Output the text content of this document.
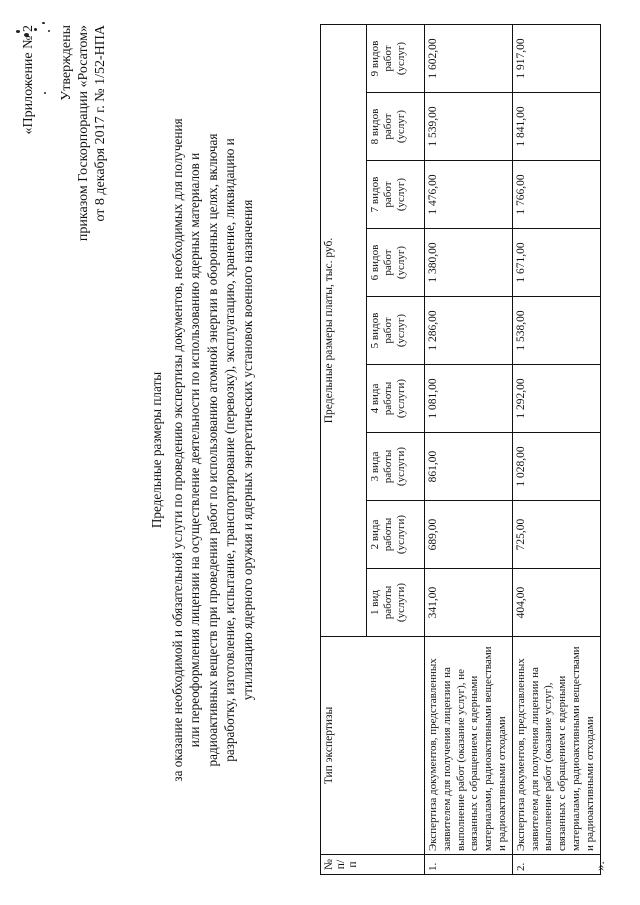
«Приложение № 2 Утверждены приказом Госкорпорации «Росатом» от 8 декабря 2017 г. № 1/52-НПА
Предельные размеры платы за оказание необходимой и обязательной услуги по проведению экспертизы документов, необходимых для получения или переоформления лицензии на осуществление деятельности по использованию ядерных материалов и радиоактивных веществ при проведении работ по использованию атомной энергии в оборонных целях, включая разработку, изготовление, испытание, транспортирование (перевозку), эксплуатацию, хранение, ликвидацию и утилизацию ядерного оружия и ядерных энергетических установок военного назначения
№ п/п	Тип экспертизы	Предельные размеры платы, тыс. руб.								
		1 вид работы (услуги)	2 вида работы (услуги)	3 вида работы (услуги)	4 вида работы (услуги)	5 видов работ (услуг)	6 видов работ (услуг)	7 видов работ (услуг)	8 видов работ (услуг)	9 видов работ (услуг)
1.	Экспертиза документов, представленных заявителем для получения лицензии на выполнение работ (оказание услуг), не связанных с обращением с ядерными материалами, радиоактивными веществами и радиоактивными отходами	341,00	689,00	861,00	1 081,00	1 286,00	1 380,00	1 476,00	1 539,00	1 602,00
2.	Экспертиза документов, представленных заявителем для получения лицензии на выполнение работ (оказание услуг), связанных с обращением с ядерными материалами, радиоактивными веществами и радиоактивными отходами	404,00	725,00	1 028,00	1 292,00	1 538,00	1 671,00	1 766,00	1 841,00	1 917,00
».
